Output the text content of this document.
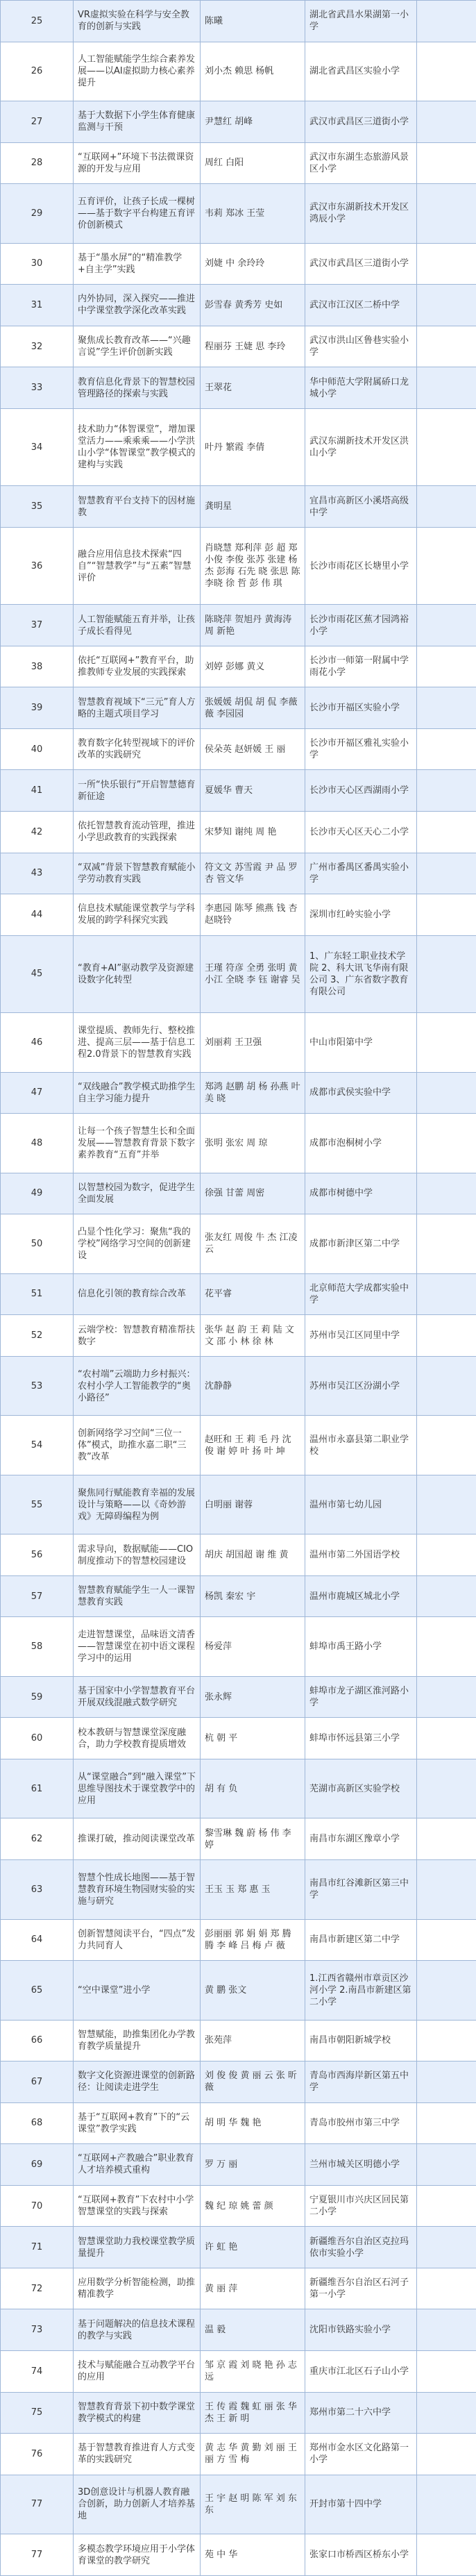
25	VR虚拟实验在科学与安全教育的创新与实践	陈曦	湖北省武昌水果湖第一小学	
26	人工智能赋能学生综合素养发展——以AI虚拟助力核心素养提升	刘小杰 赖思 杨帆	湖北省武昌区实验小学	
27	基于大数据下小学生体育健康监测与干预	尹慧红 胡峰	武汉市武昌区三道街小学	
28	“互联网+”环境下书法微课资源的开发与应用	周红 白阳	武汉市东湖生态旅游风景区小学	
29	五育评价，让孩子长成一棵树——基于数字平台构建五育评价创新模式	韦莉 郑冰 王莹	武汉市东湖新技术开发区鸿辰小学	
30	基于“墨水屏”的“精准教学+自主学”实践	刘婕 中 余玲玲	武汉市武昌区三道街小学	
31	内外协同，深入探究——推进中学课堂教学深化改革实践	彭雪春 黄秀芳 史如	武汉市江汉区二桥中学	
32	聚焦成长教育改革——“兴趣言说”学生评价创新实践	程丽芬 王婕 思 李玲	武汉市洪山区鲁巷实验小学	
33	教育信息化背景下的智慧校园管理路径的探索与实践	王翠花	华中师范大学附属硚口龙城小学	
34	技术助力“体智课堂”，增加课堂活力——乘乘乘——小学洪山小学“体智课堂”教学模式的建构与实践	叶丹 繁霞 李倩	武汉东湖新技术开发区洪山小学	
35	智慧教育平台支持下的因材施教	龚明星	宜昌市高新区小溪塔高级中学	
36	融合应用信息技术探索“四自”“智慧教学”与“五素”智慧评价	肖晓慧 郑利萍 彭 超 郑小俊 李俊 张苏 张建 杨杰 彭海 石先 晓 张思 陈李晓 徐 哲 彭 伟 琪	长沙市雨花区长塘里小学	
37	人工智能赋能五育并举，让孩子成长看得见	陈晓萍 贺旭丹 黄海涛 周 新艳	长沙市雨花区蕉才园鸿裕小学	
38	依托“互联网+”教育平台，助推教师专业发展的实践探索	刘婷 彭娜 黄义	长沙市一师第一附属中学雨花小学	
39	智慧教育视域下“三元”育人方略的主题式项目学习	张媛媛 胡侃 胡 侃 李薇薇 李园园	长沙市开福区实验小学	
40	教育数字化转型视域下的评价改革的实践研究	侯朵英 赵妍媛 王 丽	长沙市开福区雅礼实验小学	
41	一所“快乐银行”开启智慧德育新征途	夏媛华 曹天	长沙市天心区西湖雨小学	
42	依托智慧教育流动管理，推进小学思政教育的实践探索	宋梦知 谢纯 周 艳	长沙市天心区天心二小学	
43	“双减”背景下智慧教育赋能小学劳动教育实践	符文文 苏雪霞 尹 品 罗杏 管文华	广州市番禺区番禺实验小学	
44	信息技术赋能课堂教学与学科发展的跨学科探究实践	李惠园 陈琴 熊燕 钱 杏 赵晓铃	深圳市红岭实验小学	
45	“教育+AI”驱动教学及资源建设数字化转型	王瑾 符彦 全勇 张明 黄小江 全晓 李 钰 谢睿 吴	1、广东轻工职业技术学院 2、科大讯飞华南有限公司 3、广东省数字教育有限公司	
46	课堂提质、教师先行、整校推进、提高三层——基于信息工程2.0背景下的智慧教育实践	刘丽莉 王卫强	中山市阳第中学	
47	“双线融合”教学模式助推学生自主学习能力提升	郑鸿 赵鹏 胡 杨 孙燕 叶美 晓	成都市武侯实验中学	
48	让每一个孩子智慧生长和全面发展——智慧教育背景下数字素养教育“五育”并举	张明 张宏 周 琼	成都市泡桐树小学	
49	以智慧校园为数字，促进学生全面发展	徐强 甘蕾 周密	成都市树德中学	
50	凸显个性化学习：聚焦“我的学校”网络学习空间的创新建设	张友红 周俊 牛 杰 江凌云	成都市新津区第二中学	
51	信息化引领的教育综合改革	花平睿	北京师范大学成都实验中学	
52	云端学校：智慧教育精准帮扶数字	张华 赵 韵 王 莉 陆 文文 邵 小 林 徐 林	苏州市吴江区同里中学	
53	“农村端”云端助力乡村振兴：农村小学人工智能教学的“奥小路径”	沈静静	苏州市吴江区汾湖小学	
54	创新网络学习空间“三位一体”模式，助推水嘉二职“三教”改革	赵旺和 王 莉 毛 丹 沈 俊 谢 婷 叶 扬 叶 坤	温州市永嘉县第二职业学校	
55	聚焦同行赋能教育幸福的发展设计与策略——以《奇妙游戏》无障碍编程为例	白明丽 谢蓉	温州市第七幼儿园	
56	需求导向，数据赋能——CIO制度推动下的智慧校园建设	胡庆 胡国超 谢 维 黄	温州市第二外国语学校	
57	智慧教育赋能学生一人一课智慧教育实践	杨凯 秦宏 宇	温州市鹿城区城北小学	
58	走进智慧课堂，品味语文清香——智慧课堂在初中语文课程学习中的运用	杨爱萍	蚌埠市禹王路小学	
59	基于国家中小学智慧教育平台开展双线混融式数学研究	张永辉	蚌埠市龙子湖区淮河路小学	
60	校本教研与智慧课堂深度融合，助力学校教育提质增效	杭 朝 平	蚌埠市怀远县第三小学	
61	从“课堂融合”到“融入课堂”下思维导图技术于课堂教学中的应用	胡 有 负	芜湖市高新区实验学校	
62	推课打破，推动阅读课堂改革	黎雪琳 魏 蔚 杨 伟 李 婷	南昌市东湖区豫章小学	
63	智慧个性成长地图——基于智慧教育环境生物园财实验的实施与研究	王玉 玉 郑 惠 玉	南昌市红谷滩新区第三中学	
64	创新智慧阅读平台，“四点”发力共同育人	彭丽丽 郭 娟 娟 郑 腾 腾 李 峰 吕 梅 卢 薇	南昌市新建区第二中学	
65	“空中课堂”进小学	黄 鹏 张文	1.江西省赣州市章贡区沙河小学 2.南昌市新建区第二小学	
66	智慧赋能，助推集团化办学教育教学质量提升	张苑萍	南昌市朝阳新城学校	
67	数字文化资源进课堂的创新路径：让阅读走进学生	刘 俊 俊 黄 丽 云 张 昕 薇	青岛市西海岸新区第五中学	
68	基于“互联网+教育”下的“云课堂”教学实践	胡 明 华 魏 艳	青岛市胶州市第三中学	
69	“互联网+产教融合”职业教育人才培养模式重构	罗 万 丽	兰州市城关区明德小学	
70	“互联网+教育”下农村中小学智慧课堂的实践与探索	魏 纪 琼 姚 蕾 颜	宁夏银川市兴庆区回民第二小学	
71	智慧课堂助力我校课堂教学质量提升	许 虹 艳	新疆维吾尔自治区克拉玛依市实验小学	
72	应用数学分析智能检测，助推精准教学	黄 丽 萍	新疆维吾尔自治区石河子第一小学	
73	基于问题解决的信息技术课程的教学与实践	温 毅	沈阳市铁路实验小学	
74	技术与赋能融合互动教学平台的应用	邹 京 霞 刘 晓 艳 孙 志 远	重庆市江北区石子山小学	
75	智慧教育背景下初中数学课堂教学模式的构建	王 传 霞 魏 虹 丽 张 华 杰 王 新 明	郑州市第二十六中学	
76	基于智慧教育推进育人方式变革的实践研究	黄 志 华 黄 勤 刘 丽 王 丽 方 雪 梅	郑州市金水区文化路第一小学	
77	3D创意设计与机器人教育融合创新，助力创新人才培养基地	王 宇 赵 明 陈 军 刘 东 东	开封市第十四中学	
77	多模态教学环境应用于小学体育课堂的教学研究	苑 中 华	张家口市桥西区桥东小学	
